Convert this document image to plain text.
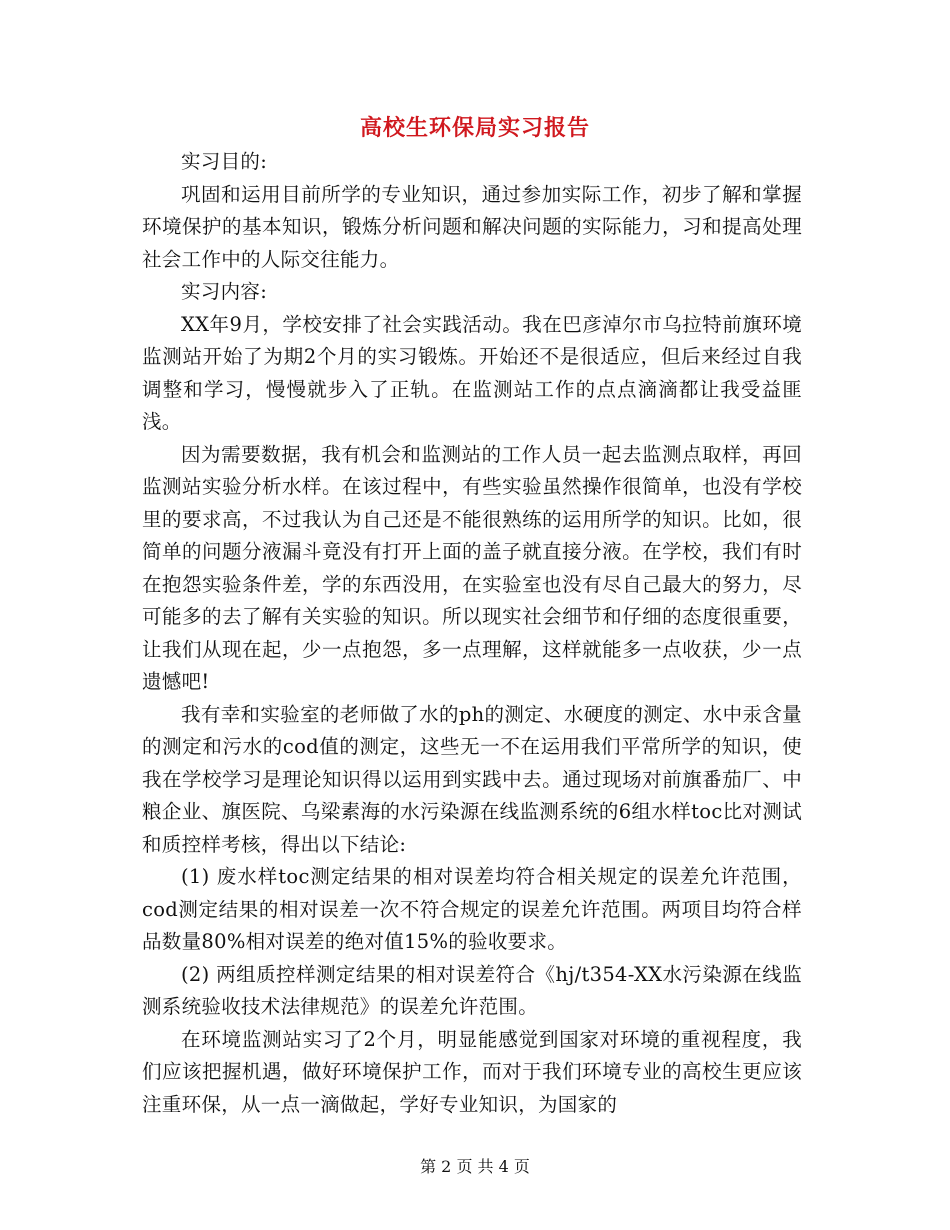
高校生环保局实习报告

实习目的:

巩固和运用目前所学的专业知识，通过参加实际工作，初步了解和掌握环境保护的基本知识，锻炼分析问题和解决问题的实际能力，习和提高处理社会工作中的人际交往能力。

实习内容:

XX年9月，学校安排了社会实践活动。我在巴彦淖尔市乌拉特前旗环境监测站开始了为期2个月的实习锻炼。开始还不是很适应，但后来经过自我调整和学习，慢慢就步入了正轨。在监测站工作的点点滴滴都让我受益匪浅。

因为需要数据，我有机会和监测站的工作人员一起去监测点取样，再回监测站实验分析水样。在该过程中，有些实验虽然操作很简单，也没有学校里的要求高，不过我认为自己还是不能很熟练的运用所学的知识。比如，很简单的问题分液漏斗竟没有打开上面的盖子就直接分液。在学校，我们有时在抱怨实验条件差，学的东西没用，在实验室也没有尽自己最大的努力，尽可能多的去了解有关实验的知识。所以现实社会细节和仔细的态度很重要，让我们从现在起，少一点抱怨，多一点理解，这样就能多一点收获，少一点遗憾吧!

我有幸和实验室的老师做了水的ph的测定、水硬度的测定、水中汞含量的测定和污水的cod值的测定，这些无一不在运用我们平常所学的知识，使我在学校学习是理论知识得以运用到实践中去。通过现场对前旗番茄厂、中粮企业、旗医院、乌梁素海的水污染源在线监测系统的6组水样toc比对测试和质控样考核，得出以下结论:

(1) 废水样toc测定结果的相对误差均符合相关规定的误差允许范围，cod测定结果的相对误差一次不符合规定的误差允许范围。两项目均符合样品数量80%相对误差的绝对值15%的验收要求。

(2) 两组质控样测定结果的相对误差符合《hj/t354-XX水污染源在线监测系统验收技术法律规范》的误差允许范围。

在环境监测站实习了2个月，明显能感觉到国家对环境的重视程度，我们应该把握机遇，做好环境保护工作，而对于我们环境专业的高校生更应该注重环保，从一点一滴做起，学好专业知识，为国家的

第 2 页 共 4 页
